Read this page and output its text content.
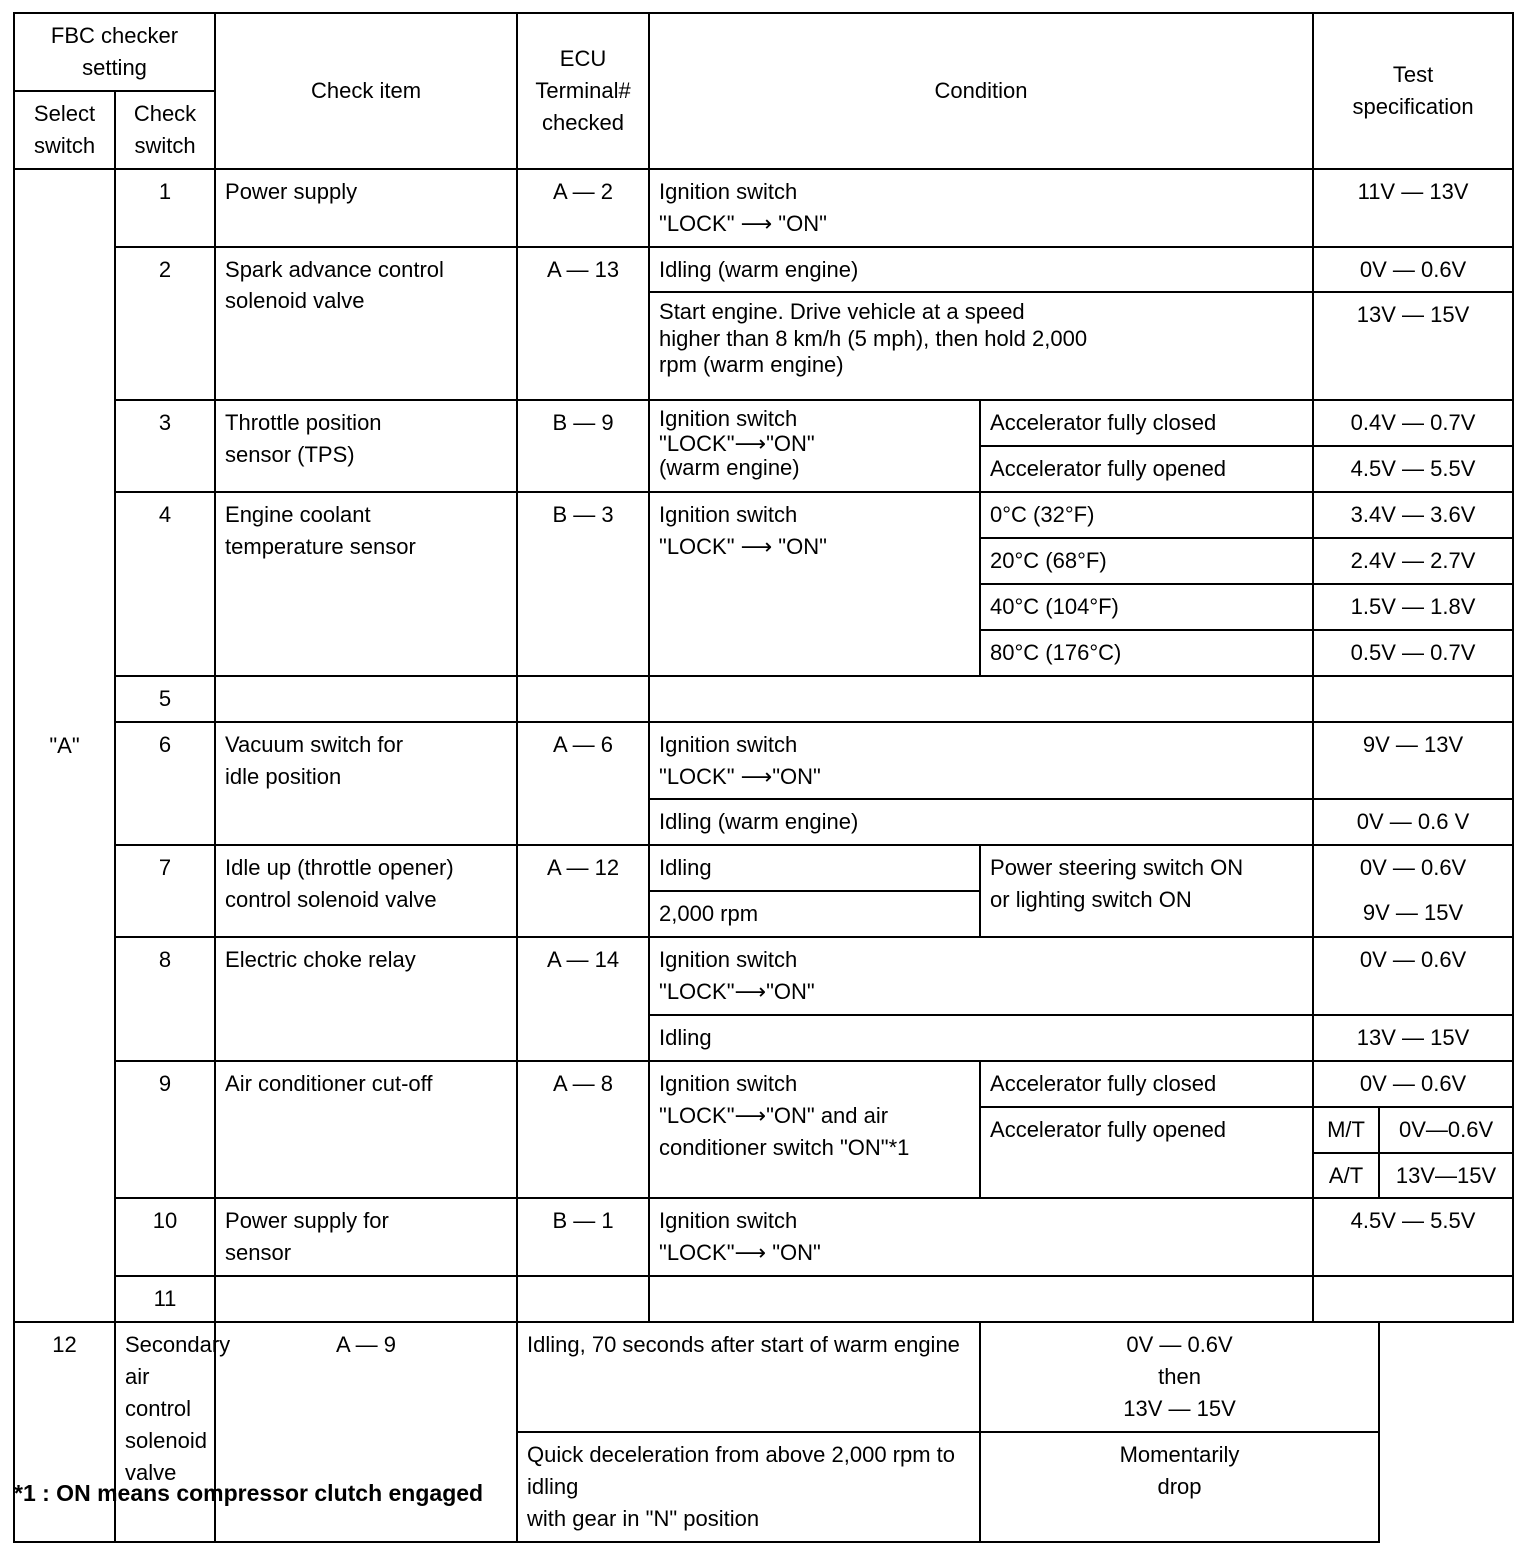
FBC checker setting		Check item	ECU
Terminal#
checked	Condition		Test
specification	

Select
switch	Check
switch						

"A"	1	Power supply	A — 2	Ignition switch
"LOCK" ⟶ "ON"		11V — 13V	
	2	Spark advance control
solenoid valve	A — 13	Idling (warm engine)		0V — 0.6V	

				Start engine. Drive vehicle at a speed
higher than 8 km/h (5 mph), then hold 2,000
rpm (warm engine)		13V — 15V	
	3	Throttle position
sensor (TPS)	B — 9	Ignition switch
"LOCK"⟶"ON"
(warm engine)	Accelerator fully closed	0.4V — 0.7V	
					Accelerator fully opened	4.5V — 5.5V	
	4	Engine coolant
temperature sensor	B — 3	Ignition switch
"LOCK" ⟶ "ON"	0°C (32°F)	3.4V — 3.6V	
					20°C (68°F)	2.4V — 2.7V	
					40°C (104°F)	1.5V — 1.8V	
					80°C (176°C)	0.5V — 0.7V	
	5						
	6	Vacuum switch for
idle position	A — 6	Ignition switch
"LOCK" ⟶"ON"		9V — 13V	
				Idling (warm engine)		0V — 0.6 V	
	7	Idle up (throttle opener)
control solenoid valve	A — 12	Idling	Power steering switch ON
or lighting switch ON	0V — 0.6V	
				2,000 rpm		9V — 15V	
	8	Electric choke relay	A — 14	Ignition switch
"LOCK"⟶"ON"		0V — 0.6V	
				Idling		13V — 15V	
	9	Air conditioner cut-off	A — 8	Ignition switch
"LOCK"⟶"ON" and air
conditioner switch "ON"*1	Accelerator fully closed	0V — 0.6V	
					Accelerator fully opened	M/T	0V—0.6V
						A/T	13V—15V
	10	Power supply for
sensor	B — 1	Ignition switch
"LOCK"⟶ "ON"		4.5V — 5.5V	
	11						
12	Secondary air control
solenoid valve	A — 9	Idling, 70 seconds after start of warm engine		0V — 0.6V
then
13V — 15V		

			Quick deceleration from above 2,000 rpm to idling
with gear in "N" position		Momentarily
drop		
*1 : ON means compressor clutch engaged
